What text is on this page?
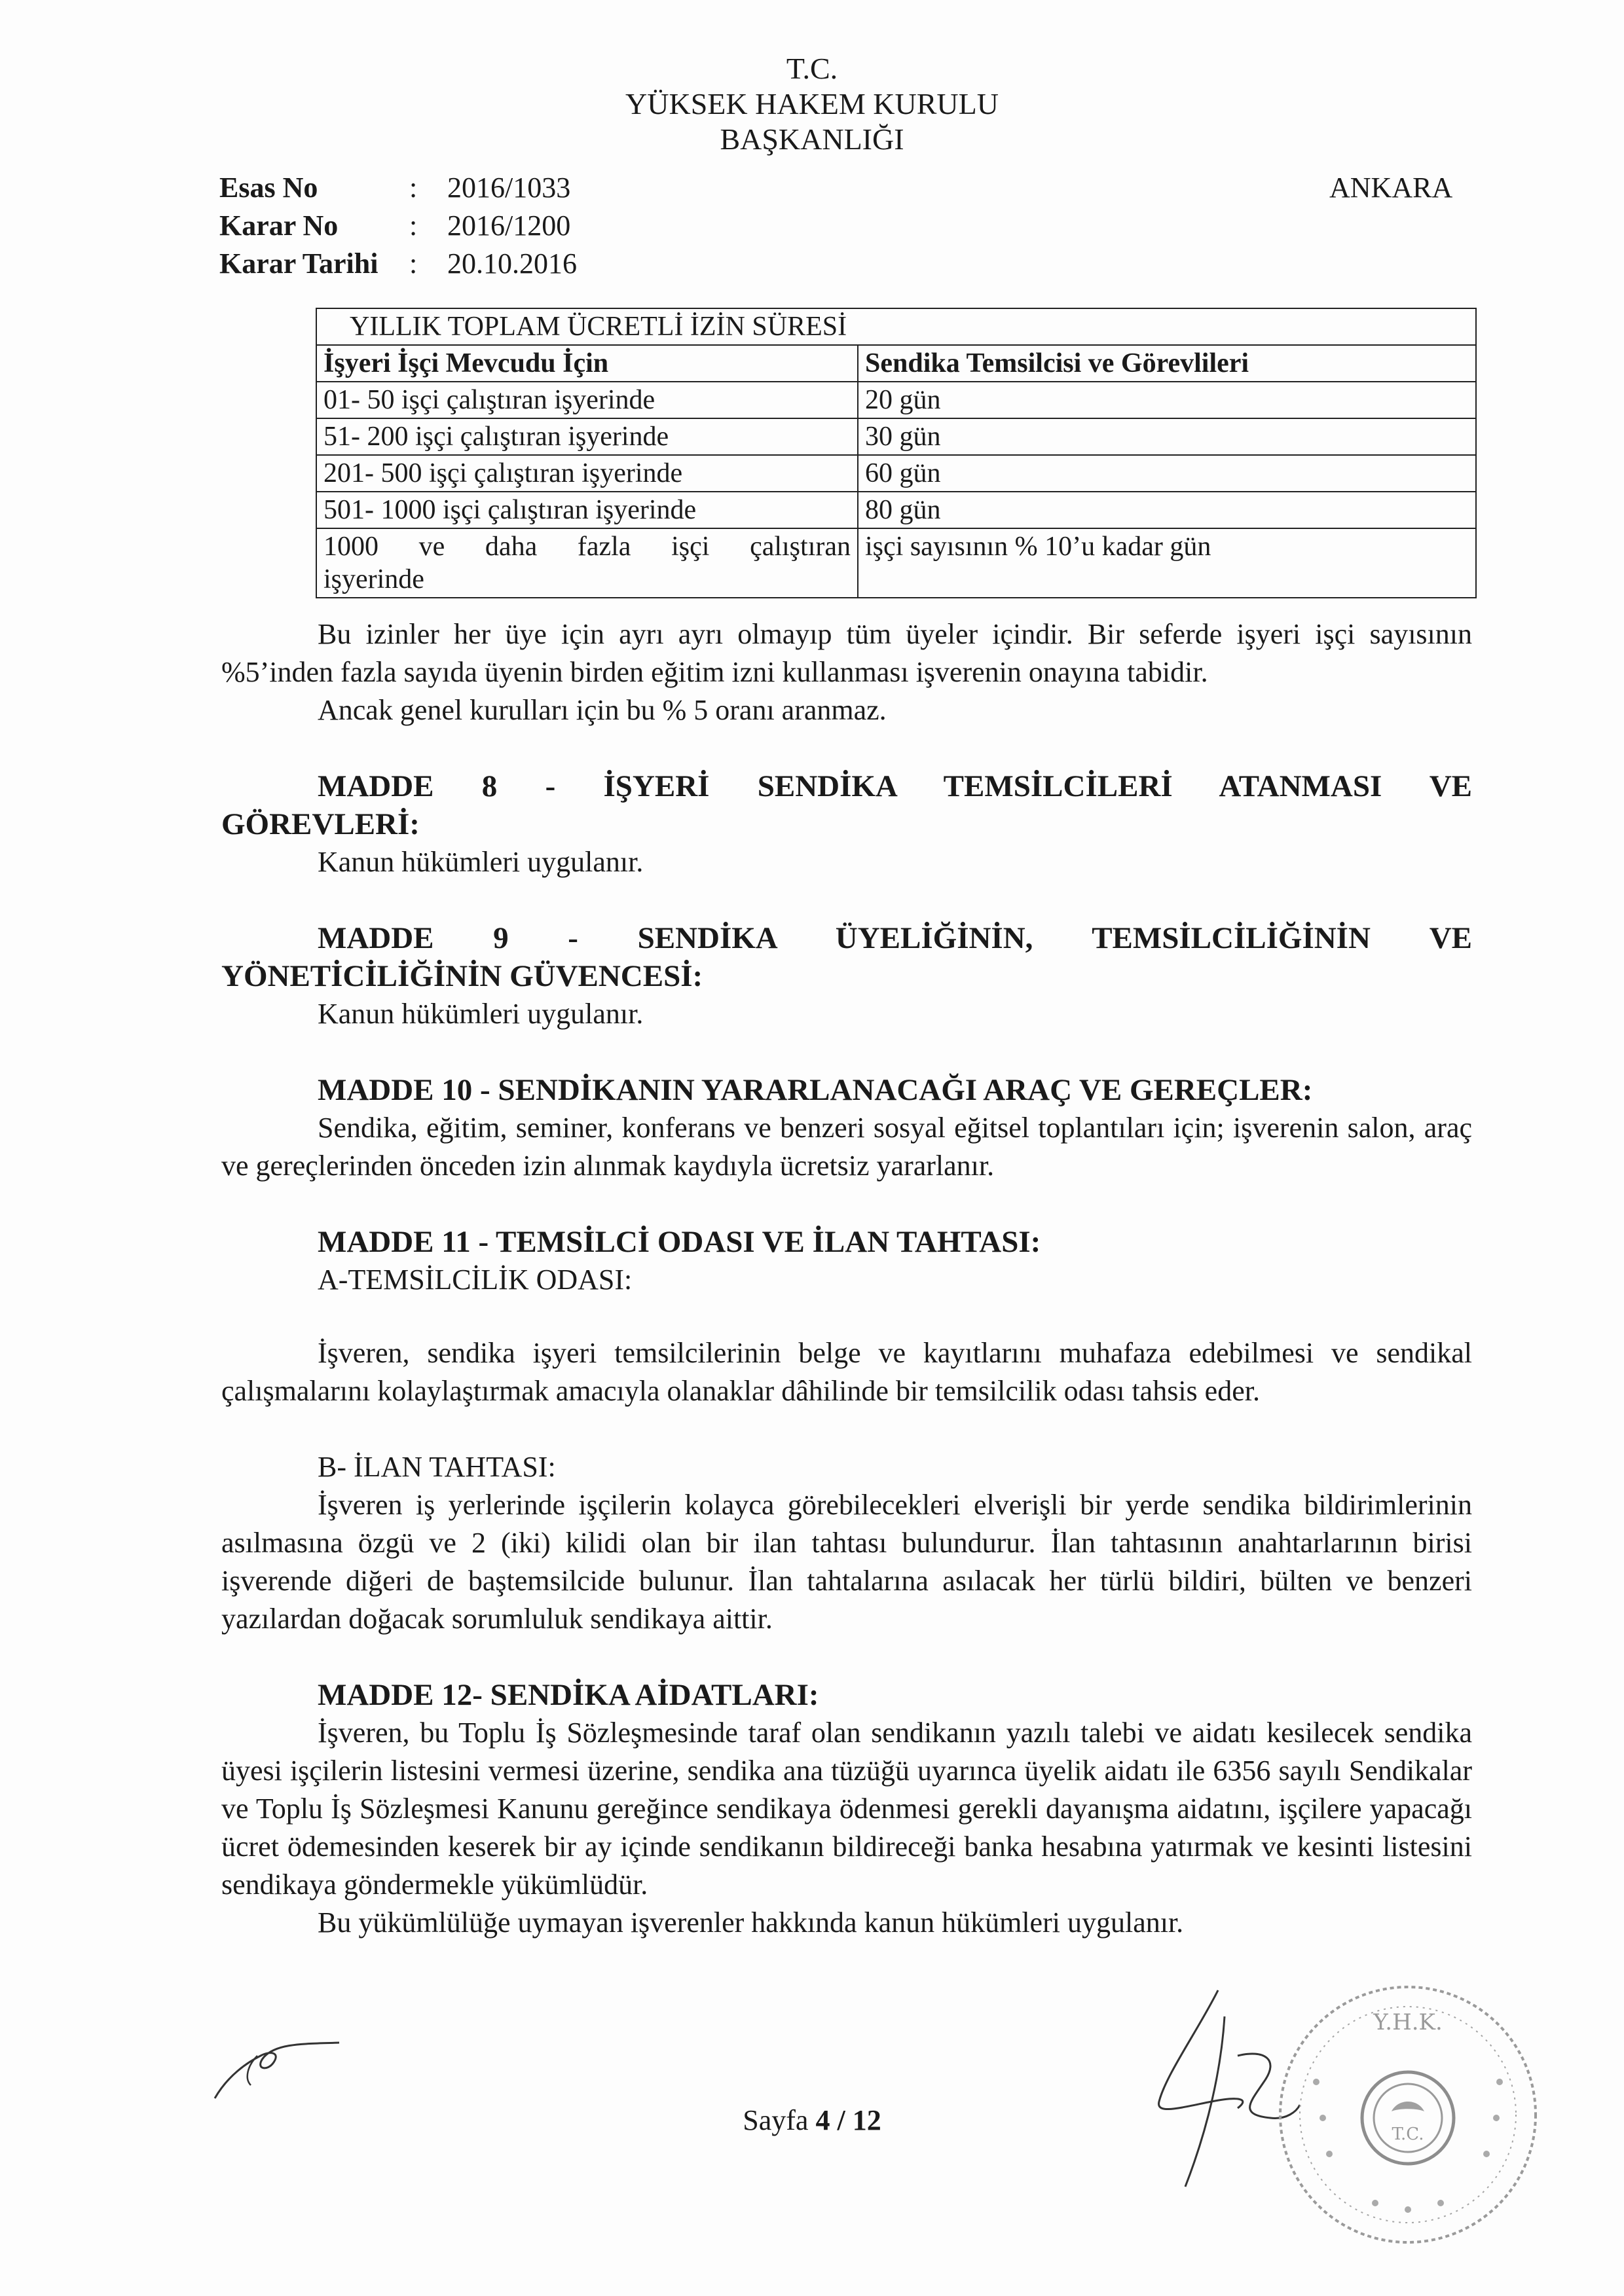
T.C.
YÜKSEK HAKEM KURULU
BAŞKANLIĞI
Esas No	:	2016/1033
Karar No	:	2016/1200
Karar Tarihi	:	20.10.2016
ANKARA
YILLIK TOPLAM ÜCRETLİ İZİN SÜRESİ	
İşyeri İşçi Mevcudu İçin	Sendika Temsilcisi ve Görevlileri
01- 50 işçi çalıştıran işyerinde	20 gün
51- 200 işçi çalıştıran işyerinde	30 gün
201- 500 işçi çalıştıran işyerinde	60 gün
501- 1000 işçi çalıştıran işyerinde	80 gün

1000 ve daha fazla işçi çalıştıran
işyerinde	işçi sayısının % 10’u kadar gün

Bu izinler her üye için ayrı ayrı olmayıp tüm üyeler içindir. Bir seferde işyeri işçi sayısının %5’inden fazla sayıda üyenin birden eğitim izni kullanması işverenin onayına tabidir.

Ancak genel kurulları için bu % 5 oranı aranmaz.

MADDE 8 - İŞYERİ SENDİKA TEMSİLCİLERİ ATANMASI VE

GÖREVLERİ:

Kanun hükümleri uygulanır.

MADDE 9 - SENDİKA ÜYELİĞİNİN, TEMSİLCİLİĞİNİN VE

YÖNETİCİLİĞİNİN GÜVENCESİ:

Kanun hükümleri uygulanır.

MADDE 10 - SENDİKANIN YARARLANACAĞI ARAÇ VE GEREÇLER:

Sendika, eğitim, seminer, konferans ve benzeri sosyal eğitsel toplantıları için; işverenin salon, araç ve gereçlerinden önceden izin alınmak kaydıyla ücretsiz yararlanır.

MADDE 11 - TEMSİLCİ ODASI VE İLAN TAHTASI:

A-TEMSİLCİLİK ODASI:

İşveren, sendika işyeri temsilcilerinin belge ve kayıtlarını muhafaza edebilmesi ve sendikal çalışmalarını kolaylaştırmak amacıyla olanaklar dâhilinde bir temsilcilik odası tahsis eder.

B- İLAN TAHTASI:

İşveren iş yerlerinde işçilerin kolayca görebilecekleri elverişli bir yerde sendika bildirimlerinin asılmasına özgü ve 2 (iki) kilidi olan bir ilan tahtası bulundurur. İlan tahtasının anahtarlarının birisi işverende diğeri de baştemsilcide bulunur. İlan tahtalarına asılacak her türlü bildiri, bülten ve benzeri yazılardan doğacak sorumluluk sendikaya aittir.

MADDE 12- SENDİKA AİDATLARI:

İşveren, bu Toplu İş Sözleşmesinde taraf olan sendikanın yazılı talebi ve aidatı kesilecek sendika üyesi işçilerin listesini vermesi üzerine, sendika ana tüzüğü uyarınca üyelik aidatı ile 6356 sayılı Sendikalar ve Toplu İş Sözleşmesi Kanunu gereğince sendikaya ödenmesi gerekli dayanışma aidatını, işçilere yapacağı ücret ödemesinden keserek bir ay içinde sendikanın bildireceği banka hesabına yatırmak ve kesinti listesini sendikaya göndermekle yükümlüdür.

Bu yükümlülüğe uymayan işverenler hakkında kanun hükümleri uygulanır.

Sayfa 4 / 12
Y.H.K.
T.C.
